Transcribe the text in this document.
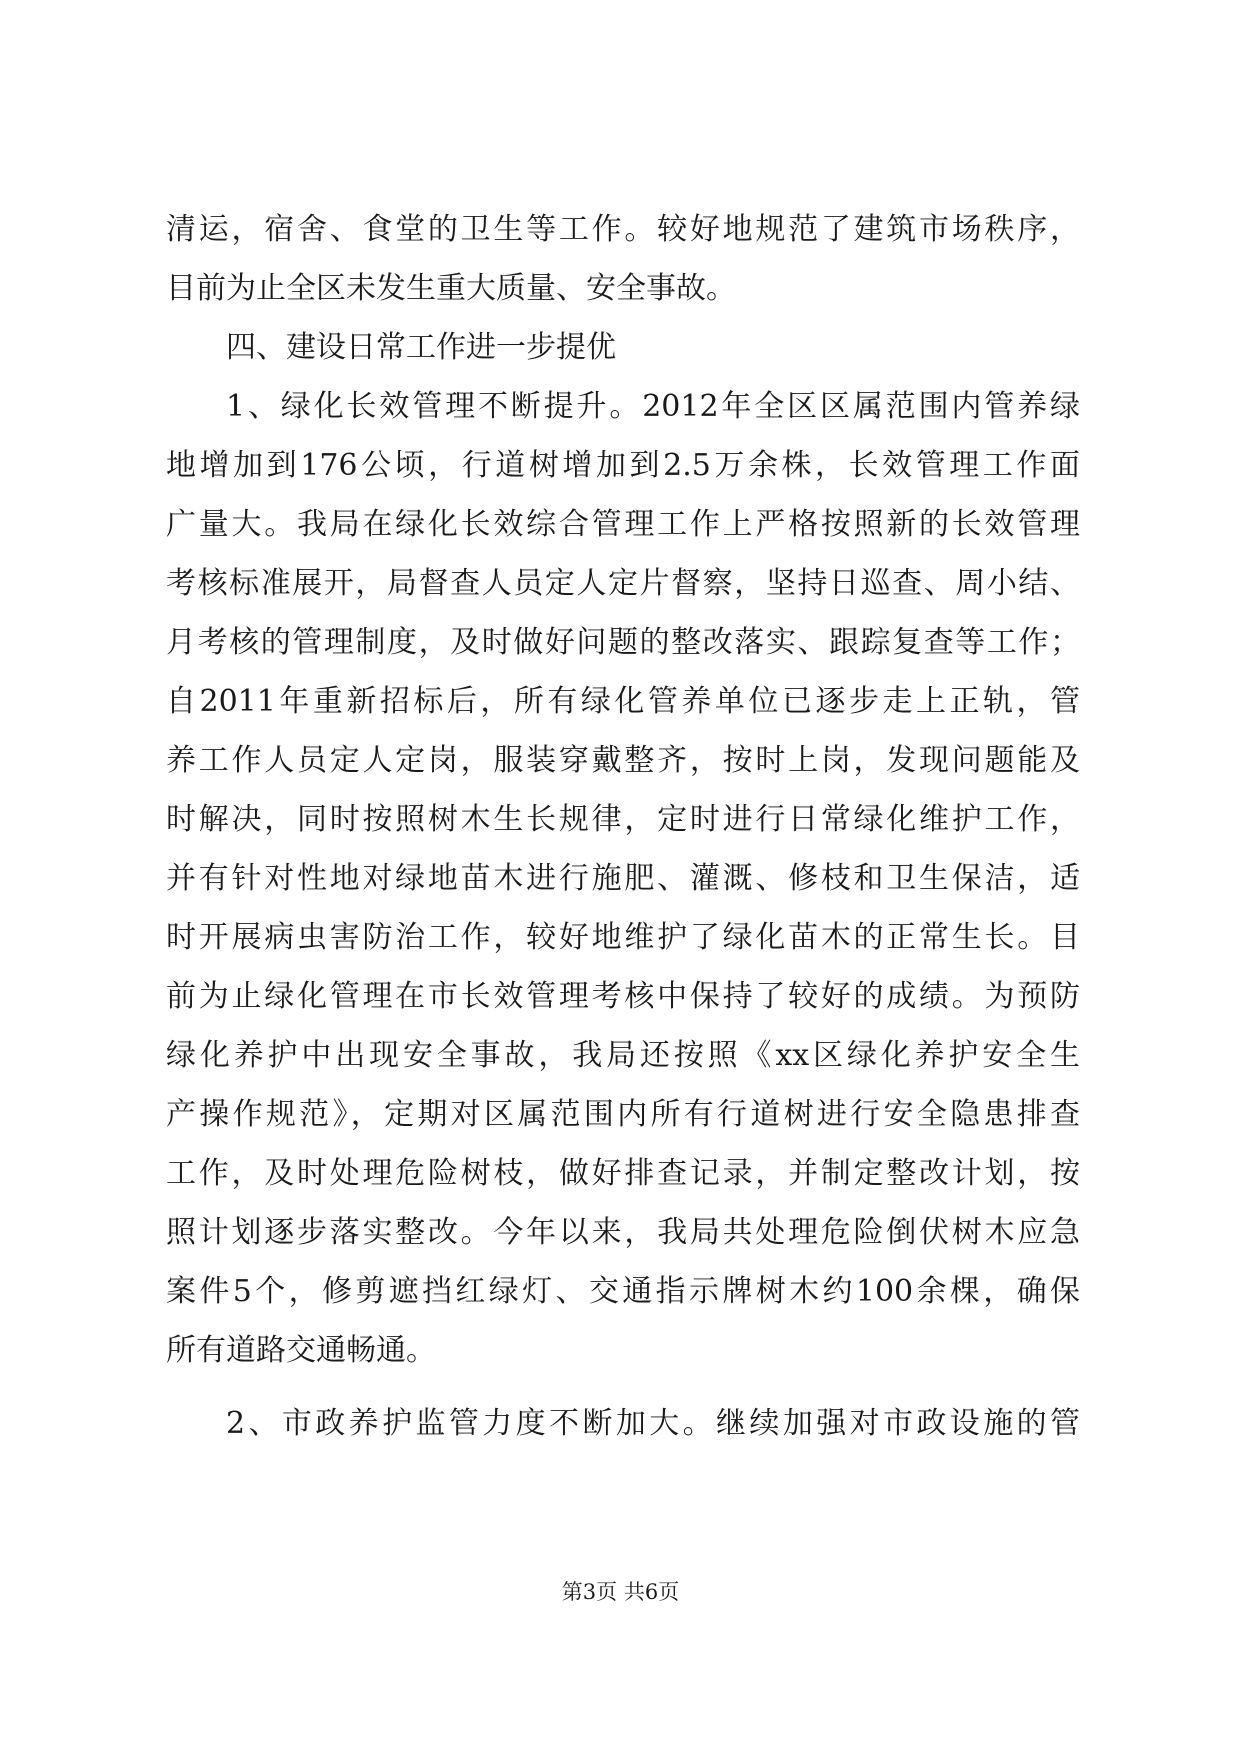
清运，宿舍、食堂的卫生等工作。较好地规范了建筑市场秩序，
目前为止全区未发生重大质量、安全事故。
四、建设日常工作进一步提优
1、绿化长效管理不断提升。2012年全区区属范围内管养绿
地增加到176公顷，行道树增加到2.5万余株，长效管理工作面
广量大。我局在绿化长效综合管理工作上严格按照新的长效管理
考核标准展开，局督查人员定人定片督察，坚持日巡查、周小结、
月考核的管理制度，及时做好问题的整改落实、跟踪复查等工作；
自2011年重新招标后，所有绿化管养单位已逐步走上正轨，管
养工作人员定人定岗，服装穿戴整齐，按时上岗，发现问题能及
时解决，同时按照树木生长规律，定时进行日常绿化维护工作，
并有针对性地对绿地苗木进行施肥、灌溉、修枝和卫生保洁，适
时开展病虫害防治工作，较好地维护了绿化苗木的正常生长。目
前为止绿化管理在市长效管理考核中保持了较好的成绩。为预防
绿化养护中出现安全事故，我局还按照《xx区绿化养护安全生
产操作规范》，定期对区属范围内所有行道树进行安全隐患排查
工作，及时处理危险树枝，做好排查记录，并制定整改计划，按
照计划逐步落实整改。今年以来，我局共处理危险倒伏树木应急
案件5个，修剪遮挡红绿灯、交通指示牌树木约100余棵，确保
所有道路交通畅通。
2、市政养护监管力度不断加大。继续加强对市政设施的管
第3页 共6页
